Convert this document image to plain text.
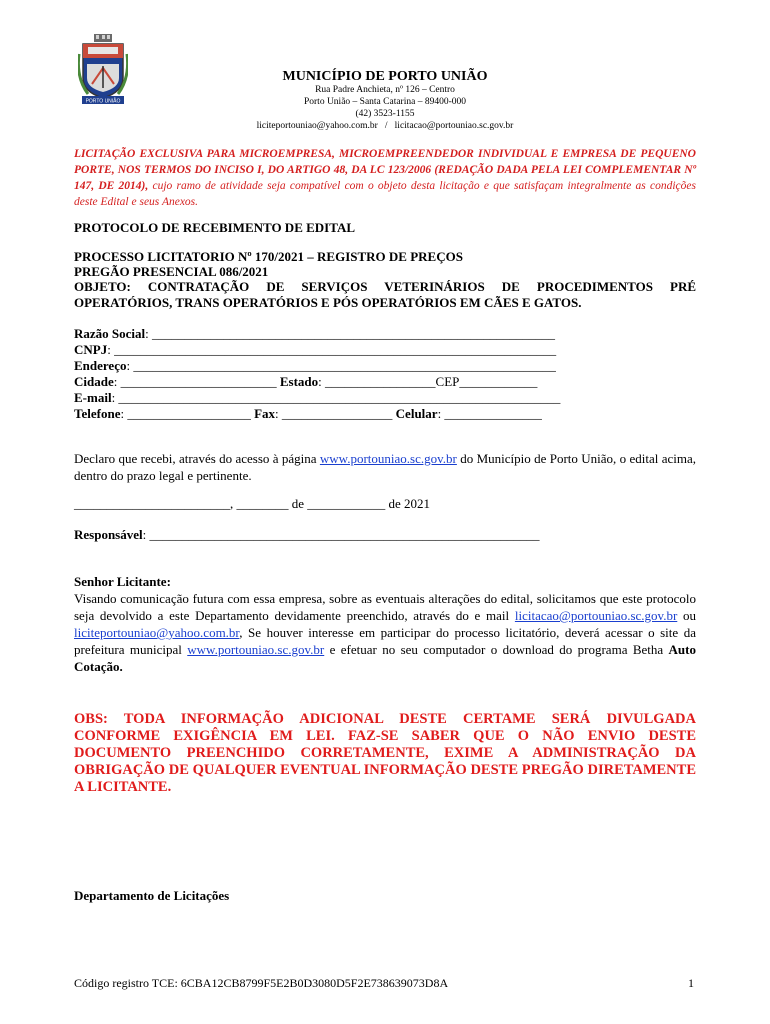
PORTO UNIÃO
MUNICÍPIO DE PORTO UNIÃO
Rua Padre Anchieta, nº 126 – Centro
Porto União – Santa Catarina – 89400-000
(42) 3523-1155
liciteportouniao@yahoo.com.br   /   licitacao@portouniao.sc.gov.br
LICITAÇÃO EXCLUSIVA PARA MICROEMPRESA, MICROEMPREENDEDOR INDIVIDUAL E EMPRESA DE PEQUENO PORTE, NOS TERMOS DO INCISO I, DO ARTIGO 48, DA LC 123/2006 (REDAÇÃO DADA PELA LEI COMPLEMENTAR Nº 147, DE 2014), cujo ramo de atividade seja compatível com o objeto desta licitação e que satisfaçam integralmente as condições deste Edital e seus Anexos.
PROTOCOLO DE RECEBIMENTO DE EDITAL
PROCESSO LICITATORIO Nº 170/2021 – REGISTRO DE PREÇOS
PREGÃO PRESENCIAL 086/2021
OBJETO: CONTRATAÇÃO DE SERVIÇOS VETERINÁRIOS DE PROCEDIMENTOS PRÉ OPERATÓRIOS, TRANS OPERATÓRIOS E PÓS OPERATÓRIOS EM CÃES E GATOS.
Razão Social: ______________________________________________________________
CNPJ: ____________________________________________________________________
Endereço: _________________________________________________________________
Cidade: ________________________ Estado: _________________CEP____________
E-mail: ____________________________________________________________________
Telefone: ___________________ Fax: _________________ Celular: _______________
Declaro que recebi, através do acesso à página www.portouniao.sc.gov.br do Município de Porto União, o edital acima, dentro do prazo legal e pertinente.
________________________, ________ de ____________ de 2021
Responsável: ____________________________________________________________
Senhor Licitante:
Visando comunicação futura com essa empresa, sobre as eventuais alterações do edital, solicitamos que este protocolo seja devolvido a este Departamento devidamente preenchido, através do e mail licitacao@portouniao.sc.gov.br ou liciteportouniao@yahoo.com.br, Se houver interesse em participar do processo licitatório, deverá acessar o site da prefeitura municipal www.portouniao.sc.gov.br e efetuar no seu computador o download do programa Betha Auto Cotação.
OBS: TODA INFORMAÇÃO ADICIONAL DESTE CERTAME SERÁ DIVULGADA CONFORME EXIGÊNCIA EM LEI. FAZ-SE SABER QUE O NÃO ENVIO DESTE DOCUMENTO PREENCHIDO CORRETAMENTE, EXIME A ADMINISTRAÇÃO DA OBRIGAÇÃO DE QUALQUER EVENTUAL INFORMAÇÃO DESTE PREGÃO DIRETAMENTE A LICITANTE.
Departamento de Licitações
Código registro TCE: 6CBA12CB8799F5E2B0D3080D5F2E738639073D8A	1
